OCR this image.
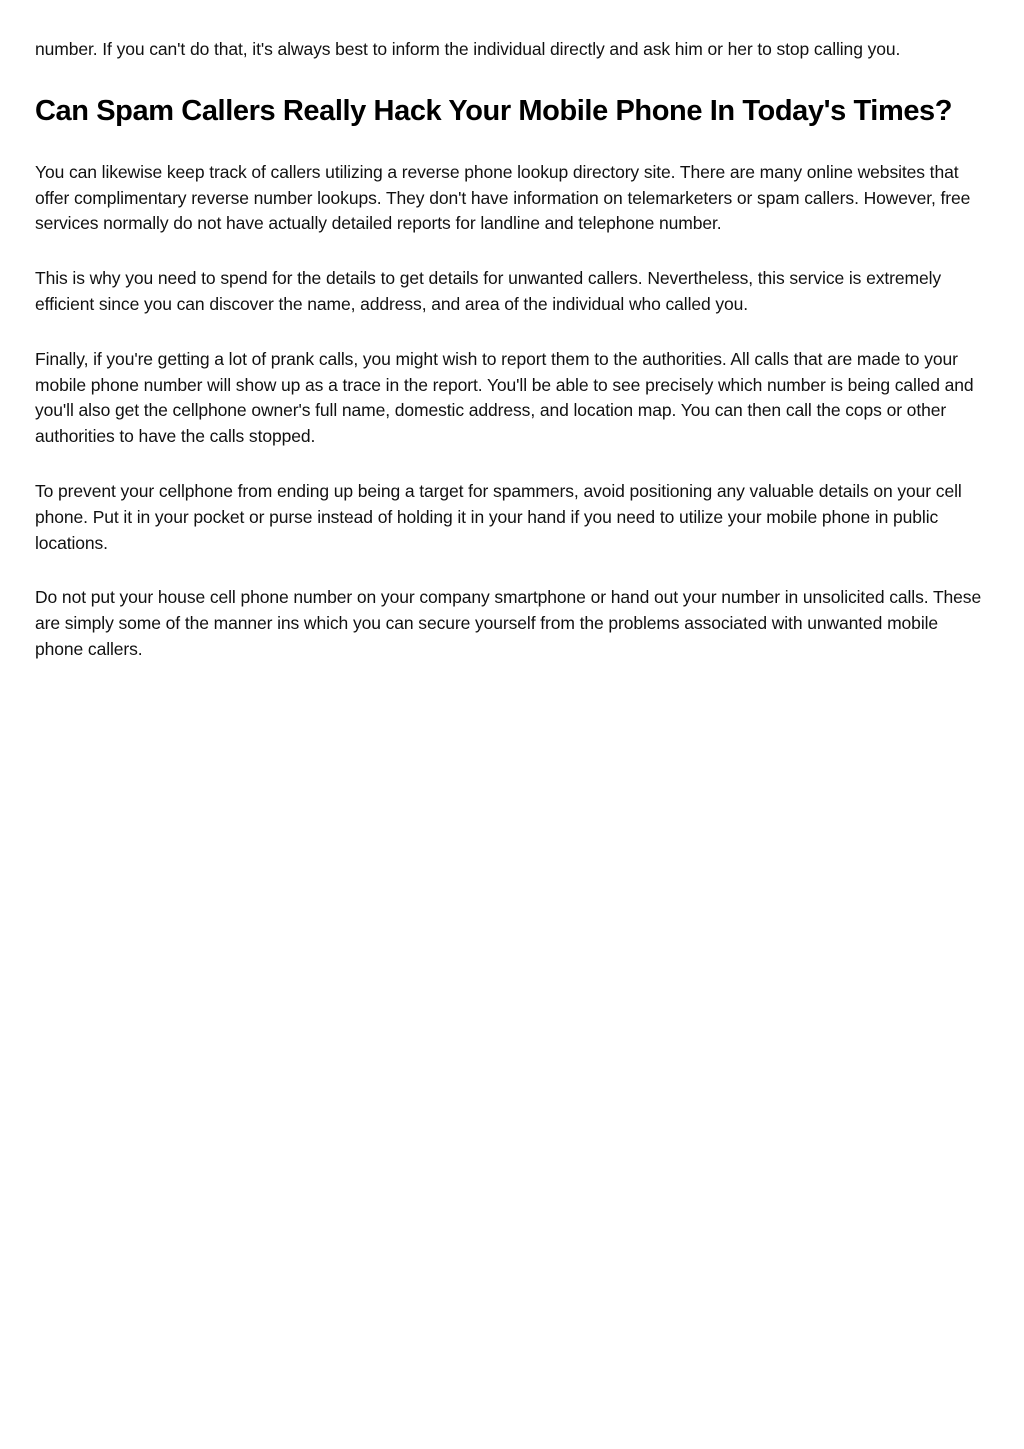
number. If you can't do that, it's always best to inform the individual directly and ask him or her to stop calling you.

Can Spam Callers Really Hack Your Mobile Phone In Today's Times?

You can likewise keep track of callers utilizing a reverse phone lookup directory site. There are many online websites that offer complimentary reverse number lookups. They don't have information on telemarketers or spam callers. However, free services normally do not have actually detailed reports for landline and telephone number.

This is why you need to spend for the details to get details for unwanted callers. Nevertheless, this service is extremely efficient since you can discover the name, address, and area of the individual who called you.

Finally, if you're getting a lot of prank calls, you might wish to report them to the authorities. All calls that are made to your mobile phone number will show up as a trace in the report. You'll be able to see precisely which number is being called and you'll also get the cellphone owner's full name, domestic address, and location map. You can then call the cops or other authorities to have the calls stopped.

To prevent your cellphone from ending up being a target for spammers, avoid positioning any valuable details on your cell phone. Put it in your pocket or purse instead of holding it in your hand if you need to utilize your mobile phone in public locations.

Do not put your house cell phone number on your company smartphone or hand out your number in unsolicited calls. These are simply some of the manner ins which you can secure yourself from the problems associated with unwanted mobile phone callers.
